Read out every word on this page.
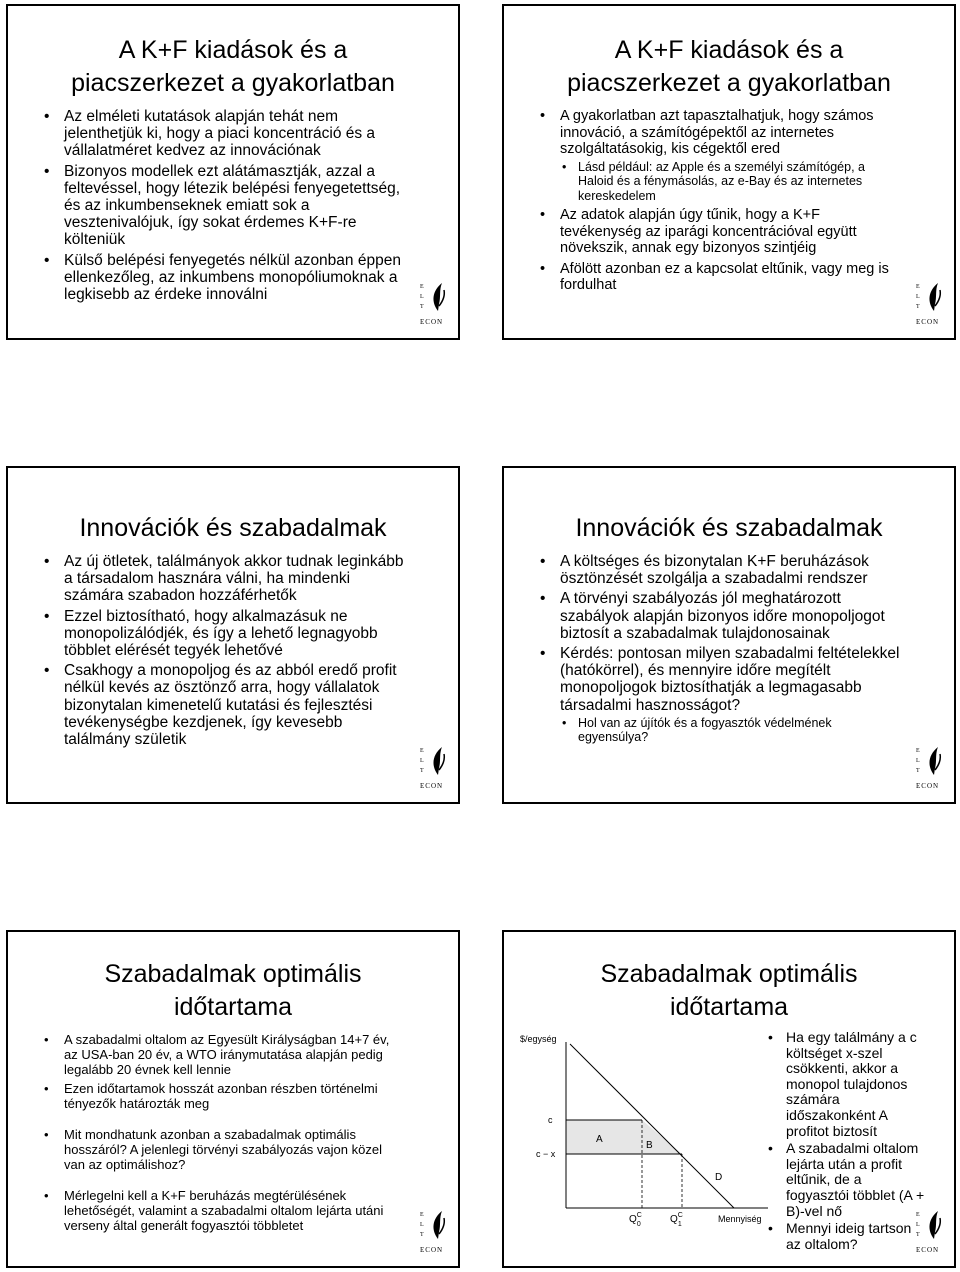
A K+F kiadások és a
piacszerkezet a gyakorlatban
• Az elméleti kutatások alapján tehát nem jelenthetjük ki, hogy a piaci koncentráció és a vállalatméret kedvez az innovációnak
• Bizonyos modellek ezt alátámasztják, azzal a feltevéssel, hogy létezik belépési fenyegetettség, és az inkumbenseknek emiatt sok a vesztenivalójuk, így sokat érdemes K+F-re költeniük
• Külső belépési fenyegetés nélkül azonban éppen ellenkezőleg, az inkumbens monopóliumoknak a legkisebb az érdeke innoválni	E
L
T
ECON
A K+F kiadások és a
piacszerkezet a gyakorlatban
• A gyakorlatban azt tapasztalhatjuk, hogy számos innováció, a számítógépektől az internetes szolgáltatásokig, kis cégektől ered
• Lásd például: az Apple és a személyi számítógép, a Haloid és a fénymásolás, az e-Bay és az internetes kereskedelem
• Az adatok alapján úgy tűnik, hogy a K+F tevékenység az iparági koncentrációval együtt növekszik, annak egy bizonyos szintjéig
• Afölött azonban ez a kapcsolat eltűnik, vagy meg is fordulhat	E
L
T
ECON
Innovációk és szabadalmak
• Az új ötletek, találmányok akkor tudnak leginkább a társadalom hasznára válni, ha mindenki számára szabadon hozzáférhetők
• Ezzel biztosítható, hogy alkalmazásuk ne monopolizálódjék, és így a lehető legnagyobb többlet elérését tegyék lehetővé
• Csakhogy a monopoljog és az abból eredő profit nélkül kevés az ösztönző arra, hogy vállalatok bizonytalan kimenetelű kutatási és fejlesztési tevékenységbe kezdjenek, így kevesebb találmány születik
E
L
T
ECON
Innovációk és szabadalmak
• A költséges és bizonytalan K+F beruházások ösztönzését szolgálja a szabadalmi rendszer
• A törvényi szabályozás jól meghatározott szabályok alapján bizonyos időre monopoljogot biztosít a szabadalmak tulajdonosainak
• Kérdés: pontosan milyen szabadalmi feltételekkel (hatókörrel), és mennyire időre megítélt monopoljogok biztosíthatják a legmagasabb társadalmi hasznosságot?
• Hol van az újítók és a fogyasztók védelmének egyensúlya?
E
L
T
ECON
Szabadalmak optimális
időtartama
• A szabadalmi oltalom az Egyesült Királyságban 14+7 év, az USA-ban 20 év, a WTO iránymutatása alapján pedig legalább 20 évnek kell lennie
• Ezen időtartamok hosszát azonban részben történelmi tényezők határozták meg
• Mit mondhatunk azonban a szabadalmak optimális hosszáról? A jelenlegi törvényi szabályozás vajon közel van az optimálishoz?
• Mérlegelni kell a K+F beruházás megtérülésének lehetőségét, valamint a szabadalmi oltalom lejárta utáni verseny által generált fogyasztói többletet
E
L
T
ECON
Szabadalmak optimális
időtartama
$/egység
c
c − x
A
B
D
$Q^C$ 0	$Q^C$ 1
Mennyiség
• Ha egy találmány a c költséget x-szel csökkenti, akkor a monopol tulajdonos számára időszakonként A profitot biztosít
• A szabadalmi oltalom lejárta után a profit eltűnik, de a fogyasztói többlet (A + B)-vel nő
• Mennyi ideig tartson az oltalom?
E
L
T
ECON
